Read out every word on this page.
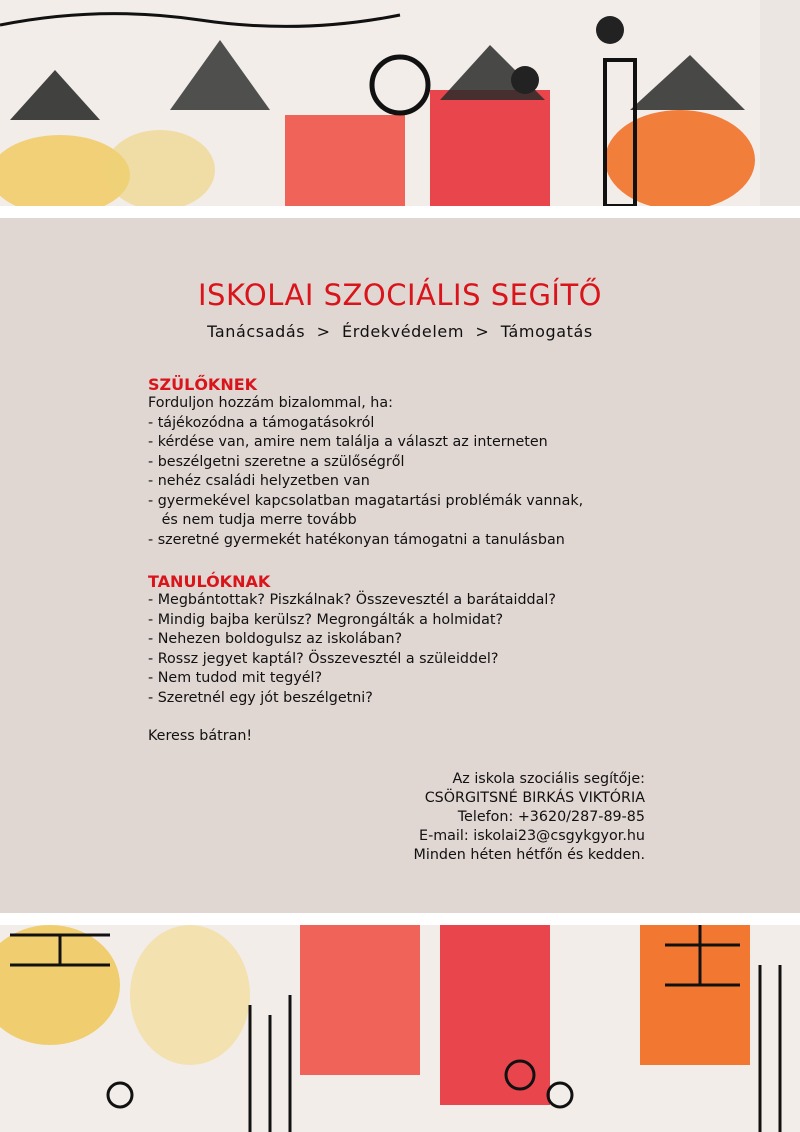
ISKOLAI SZOCIÁLIS SEGÍTŐ
Tanácsadás  >  Érdekvédelem  >  Támogatás
SZÜLŐKNEK
Forduljon hozzám bizalommal, ha:
- tájékozódna a támogatásokról
- kérdése van, amire nem találja a választ az interneten
- beszélgetni szeretne a szülőségről
- nehéz családi helyzetben van
- gyermekével kapcsolatban magatartási problémák vannak,
és nem tudja merre tovább
- szeretné gyermekét hatékonyan támogatni a tanulásban
TANULÓKNAK
- Megbántottak? Piszkálnak? Összevesztél a barátaiddal?
- Mindig bajba kerülsz? Megrongálták a holmidat?
- Nehezen boldogulsz az iskolában?
- Rossz jegyet kaptál? Összevesztél a szüleiddel?
- Nem tudod mit tegyél?
- Szeretnél egy jót beszélgetni?
Keress bátran!
Az iskola szociális segítője:
CSÖRGITSNÉ BIRKÁS VIKTÓRIA
Telefon: +3620/287-89-85
E-mail: iskolai23@csgykgyor.hu
Minden héten hétfőn és kedden.
